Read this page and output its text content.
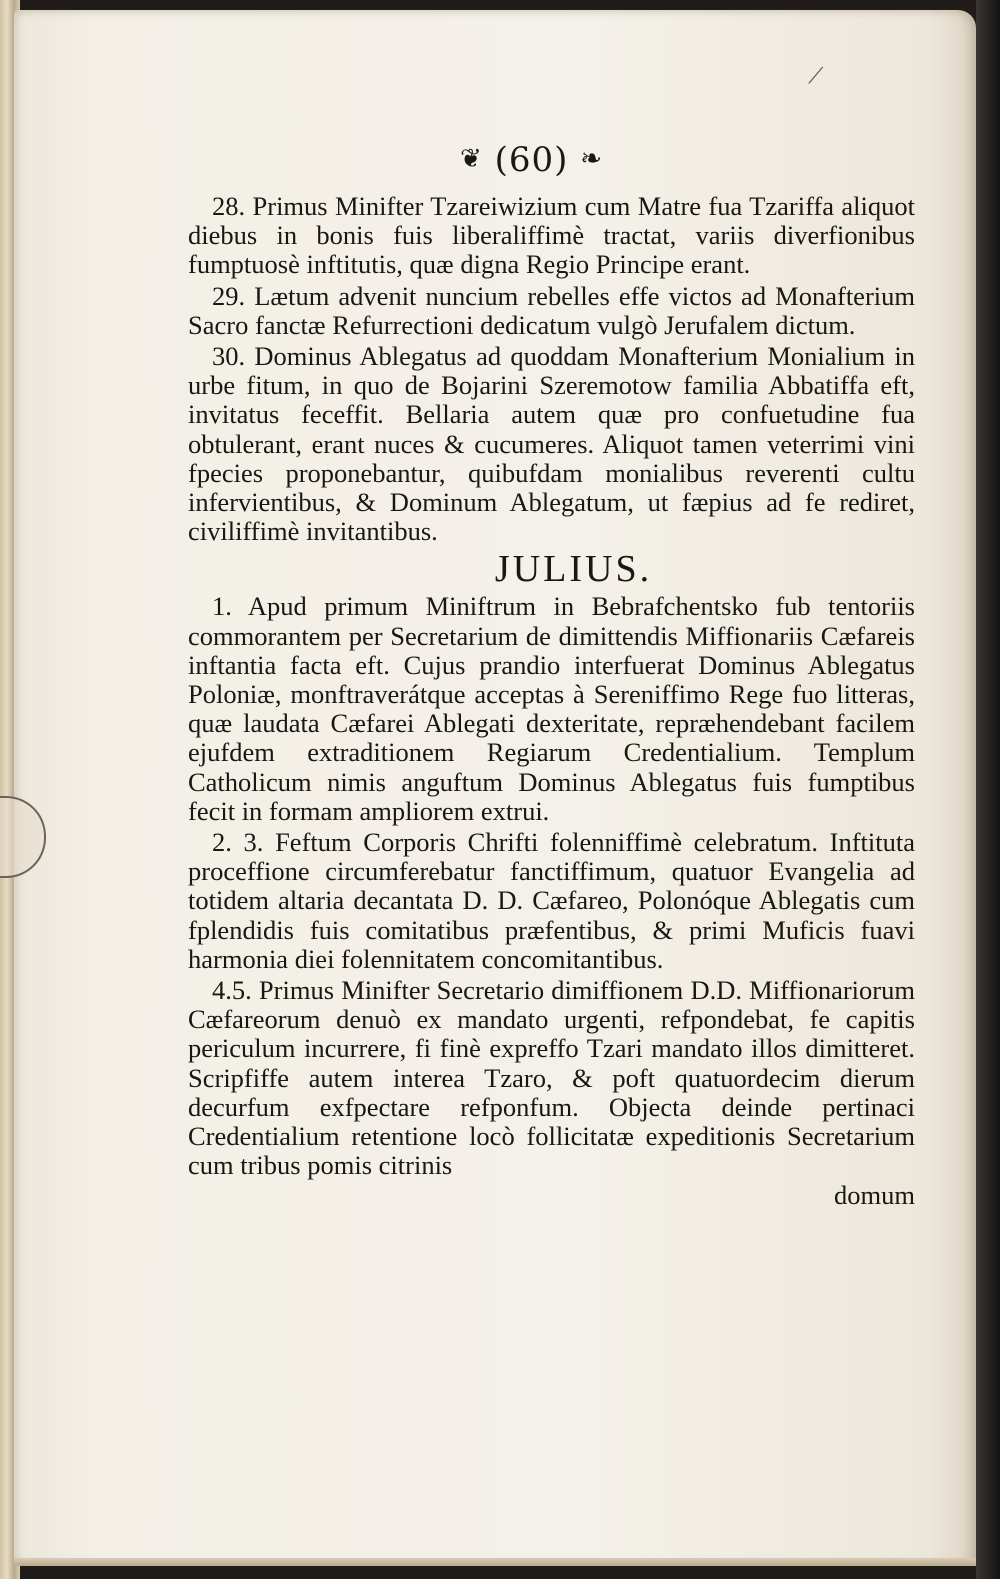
⟋
❦ (60) ❧

28. Primus Minifter Tzareiwizium cum Matre fua Tzariffa aliquot diebus in bonis fuis liberaliffimè tractat, variis diverfionibus fumptuosè inftitutis, quæ digna Regio Principe erant.

29. Lætum advenit nuncium rebelles effe victos ad Monafterium Sacro fanctæ Refurrectioni dedicatum vulgò Jerufalem dictum.

30. Dominus Ablegatus ad quoddam Monafterium Monialium in urbe fitum, in quo de Bojarini Szeremotow familia Abbatiffa eft, invitatus feceffit. Bellaria autem quæ pro confuetudine fua obtulerant, erant nuces & cucumeres. Aliquot tamen veterrimi vini fpecies proponebantur, quibufdam monialibus reverenti cultu infervientibus, & Dominum Ablegatum, ut fæpius ad fe rediret, civiliffimè invitantibus.

JULIUS.

1. Apud primum Miniftrum in Bebrafchentsko fub tentoriis commorantem per Secretarium de dimittendis Miffionariis Cæfareis inftantia facta eft. Cujus prandio interfuerat Dominus Ablegatus Poloniæ, monftraverátque acceptas à Sereniffimo Rege fuo litteras, quæ laudata Cæfarei Ablegati dexteritate, repræhendebant facilem ejufdem extraditionem Regiarum Credentialium. Templum Catholicum nimis anguftum Dominus Ablegatus fuis fumptibus fecit in formam ampliorem extrui.

2. 3. Feftum Corporis Chrifti folenniffimè celebratum. Inftituta proceffione circumferebatur fanctiffimum, quatuor Evangelia ad totidem altaria decantata D. D. Cæfareo, Polonóque Ablegatis cum fplendidis fuis comitatibus præfentibus, & primi Muficis fuavi harmonia diei folennitatem concomitantibus.

4.5. Primus Minifter Secretario dimiffionem D.D. Miffionariorum Cæfareorum denuò ex mandato urgenti, refpondebat, fe capitis periculum incurrere, fi finè expreffo Tzari mandato illos dimitteret. Scripfiffe autem interea Tzaro, & poft quatuordecim dierum decurfum exfpectare refponfum. Objecta deinde pertinaci Credentialium retentione locò follicitatæ expeditionis Secretarium cum tribus pomis citrinis

domum
